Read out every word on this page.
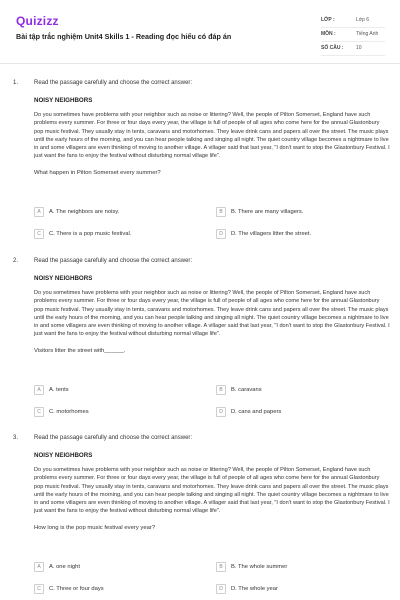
Quizizz
Bài tập trắc nghiệm Unit4 Skills 1 - Reading đọc hiểu có đáp án
LỚP :	Lớp 6
MÔN :	Tiếng Anh
SỐ CÂU :	10
1.	Read the passage carefully and choose the correct answer:
NOISY NEIGHBORS
Do you sometimes have problems with your neighbor such as noise or littering? Well, the people of Pilton Somerset, England have such problems every summer. For three or four days every year, the village is full of people of all ages who come here for the annual Glastonbury pop music festival. They usually stay in tents, caravans and motorhomes. They leave drink cans and papers all over the street. The music plays until the early hours of the morning, and you can hear people talking and singing all night. The quiet country village becomes a nightmare to live in and some villagers are even thinking of moving to another village. A villager said that last year, "I don't want to stop the Glastonbury Festival. I just want the fans to enjoy the festival without disturbing normal village life".
What happen in Pilton Somerset every summer?
A	A. The neighbors are noisy.	B	B. There are many villagers.
C	C. There is a pop music festival.	D	D. The villagers litter the street.
2.	Read the passage carefully and choose the correct answer:
NOISY NEIGHBORS
Do you sometimes have problems with your neighbor such as noise or littering? Well, the people of Pilton Somerset, England have such problems every summer. For three or four days every year, the village is full of people of all ages who come here for the annual Glastonbury pop music festival. They usually stay in tents, caravans and motorhomes. They leave drink cans and papers all over the street. The music plays until the early hours of the morning, and you can hear people talking and singing all night. The quiet country village becomes a nightmare to live in and some villagers are even thinking of moving to another village. A villager said that last year, "I don't want to stop the Glastonbury Festival. I just want the fans to enjoy the festival without disturbing normal village life".
Visitors litter the street with______.
A	A. tents	B	B. caravans
C	C. motorhomes	D	D. cans and papers
3.	Read the passage carefully and choose the correct answer:
NOISY NEIGHBORS
Do you sometimes have problems with your neighbor such as noise or littering? Well, the people of Pilton Somerset, England have such problems every summer. For three or four days every year, the village is full of people of all ages who come here for the annual Glastonbury pop music festival. They usually stay in tents, caravans and motorhomes. They leave drink cans and papers all over the street. The music plays until the early hours of the morning, and you can hear people talking and singing all night. The quiet country village becomes a nightmare to live in and some villagers are even thinking of moving to another village. A villager said that last year, "I don't want to stop the Glastonbury Festival. I just want the fans to enjoy the festival without disturbing normal village life".
How long is the pop music festival every year?
A	A. one night	B	B. The whole summer
C	C. Three or four days	D	D. The whole year
